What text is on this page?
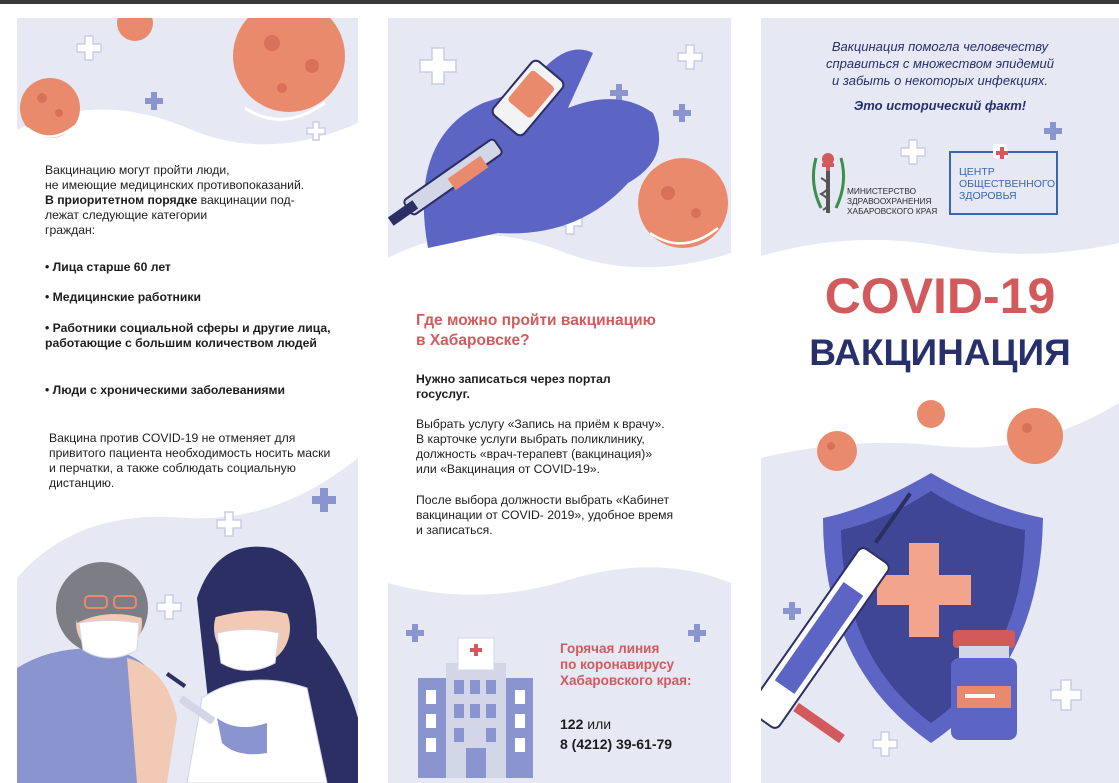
Вакцинацию могут пройти люди,
не имеющие медицинских противопоказаний.
В приоритетном порядке вакцинации под-
лежат следующие категории
граждан:
• Лица старше 60 лет
• Медицинские работники
• Работники социальной сферы и другие лица, работающие с большим количеством людей
• Люди с хроническими заболеваниями
Вакцина против COVID-19 не отменяет для привитого пациента необходимость носить маски и перчатки, а также соблюдать социальную дистанцию.
Где можно пройти вакцинацию
в Хабаровске?
Нужно записаться через портал
госуслуг.
Выбрать услугу «Запись на приём к врачу».
В карточке услуги выбрать поликлинику,
должность «врач-терапевт (вакцинация)»
или «Вакцинация от COVID-19».
После выбора должности выбрать «Кабинет
вакцинации от COVID- 2019», удобное время
и записаться.
Горячая линия
по коронавирусу
Хабаровского края:
122 или
8 (4212) 39-61-79
Вакцинация помогла человечеству
справиться с множеством эпидемий
и забыть о некоторых инфекциях.
Это исторический факт!
МИНИСТЕРСТВО
ЗДРАВООХРАНЕНИЯ
ХАБАРОВСКОГО КРАЯ
ЦЕНТР
ОБЩЕСТВЕННОГО
ЗДОРОВЬЯ
COVID-19
ВАКЦИНАЦИЯ
